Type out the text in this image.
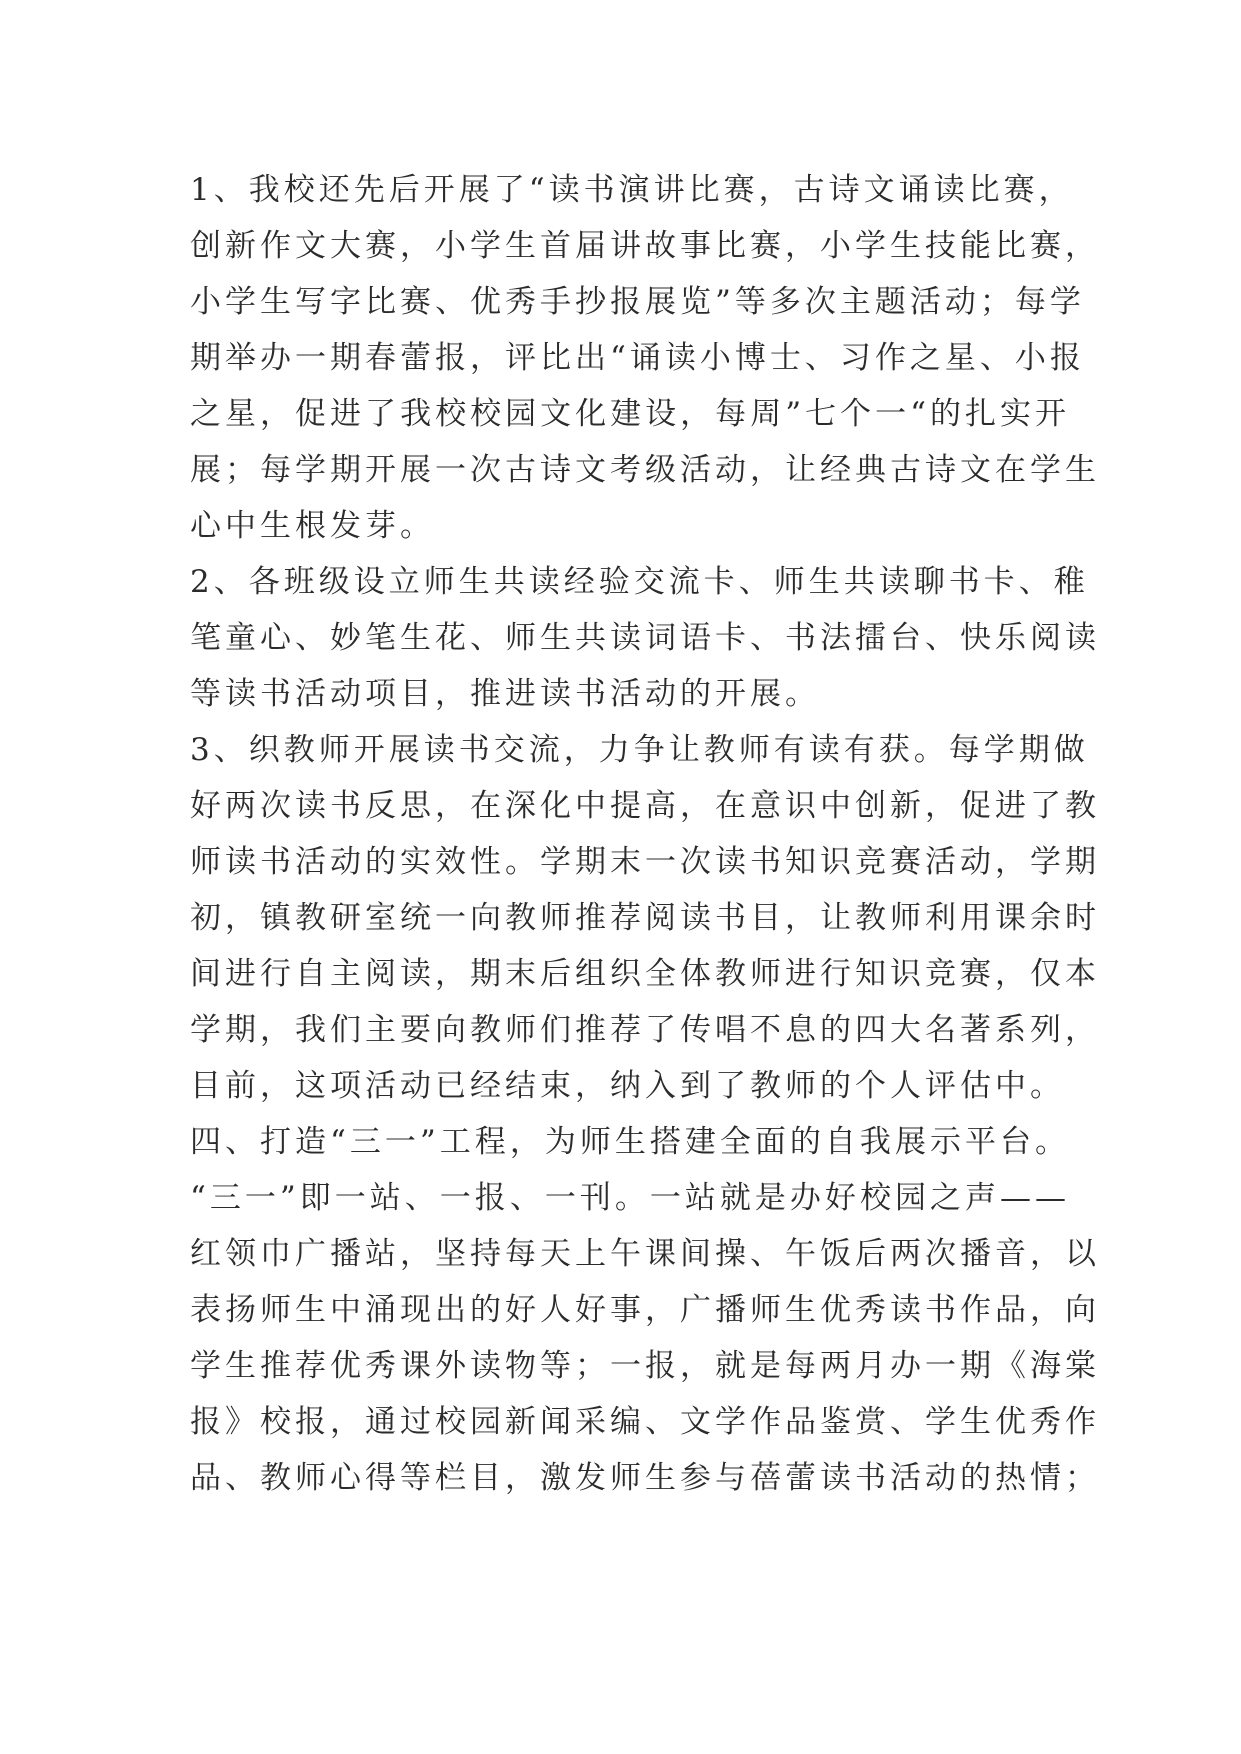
1、我校还先后开展了“读书演讲比赛，古诗文诵读比赛，
创新作文大赛，小学生首届讲故事比赛，小学生技能比赛，
小学生写字比赛、优秀手抄报展览”等多次主题活动；每学
期举办一期春蕾报，评比出“诵读小博士、习作之星、小报
之星，促进了我校校园文化建设，每周”七个一“的扎实开
展；每学期开展一次古诗文考级活动，让经典古诗文在学生
心中生根发芽。
2、各班级设立师生共读经验交流卡、师生共读聊书卡、稚
笔童心、妙笔生花、师生共读词语卡、书法擂台、快乐阅读
等读书活动项目，推进读书活动的开展。
3、织教师开展读书交流，力争让教师有读有获。每学期做
好两次读书反思，在深化中提高，在意识中创新，促进了教
师读书活动的实效性。学期末一次读书知识竞赛活动，学期
初，镇教研室统一向教师推荐阅读书目，让教师利用课余时
间进行自主阅读，期末后组织全体教师进行知识竞赛，仅本
学期，我们主要向教师们推荐了传唱不息的四大名著系列，
目前，这项活动已经结束，纳入到了教师的个人评估中。
四、打造“三一”工程，为师生搭建全面的自我展示平台。
“三一”即一站、一报、一刊。一站就是办好校园之声——
红领巾广播站，坚持每天上午课间操、午饭后两次播音，以
表扬师生中涌现出的好人好事，广播师生优秀读书作品，向
学生推荐优秀课外读物等；一报，就是每两月办一期《海棠
报》校报，通过校园新闻采编、文学作品鉴赏、学生优秀作
品、教师心得等栏目，激发师生参与蓓蕾读书活动的热情；
